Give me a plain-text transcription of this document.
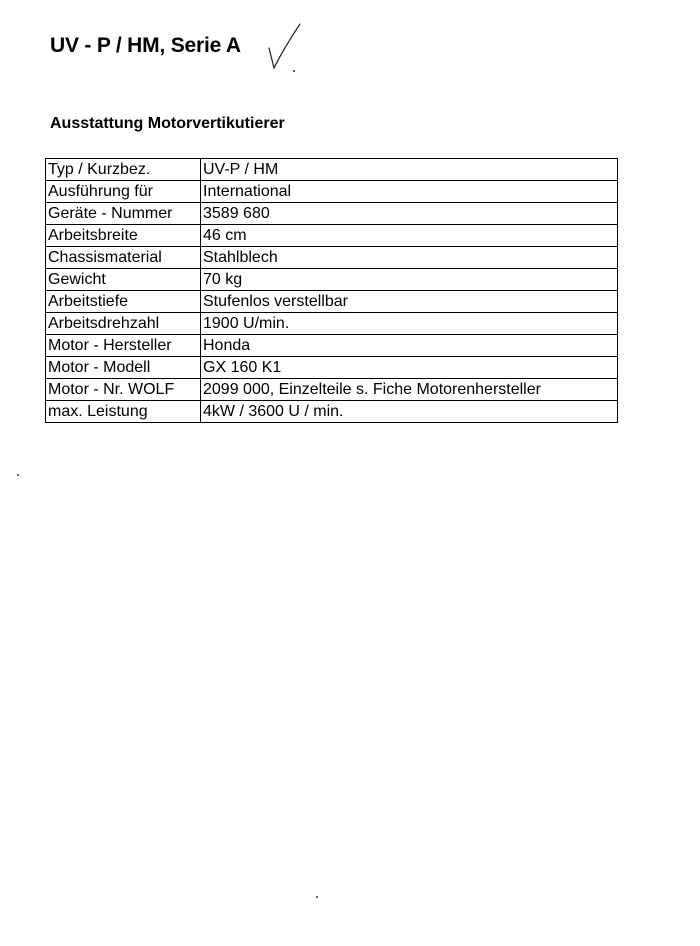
UV - P / HM, Serie A
Ausstattung Motorvertikutierer
Typ / Kurzbez.	UV-P / HM
Ausführung für	International
Geräte - Nummer	3589 680
Arbeitsbreite	46 cm
Chassismaterial	Stahlblech
Gewicht	70 kg
Arbeitstiefe	Stufenlos verstellbar
Arbeitsdrehzahl	1900 U/min.
Motor - Hersteller	Honda
Motor - Modell	GX 160 K1
Motor - Nr. WOLF	2099 000, Einzelteile s. Fiche Motorenhersteller
max. Leistung	4kW / 3600 U / min.
